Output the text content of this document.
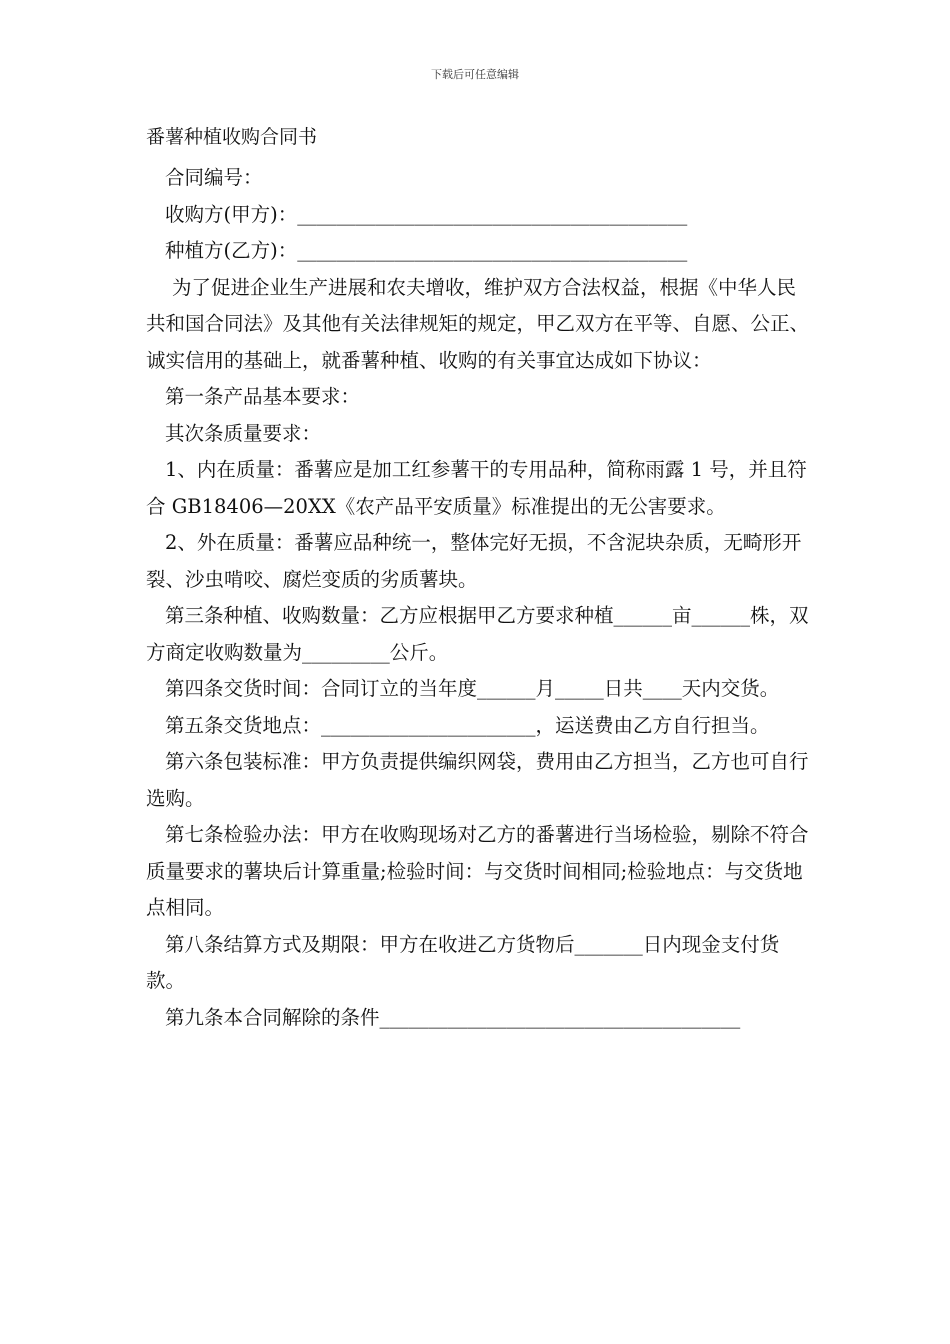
下载后可任意编辑
番薯种植收购合同书

合同编号：

收购方(甲方)：________________________________________

种植方(乙方)：________________________________________

为了促进企业生产进展和农夫增收，维护双方合法权益，根据《中华人民共和国合同法》及其他有关法律规矩的规定，甲乙双方在平等、自愿、公正、诚实信用的基础上，就番薯种植、收购的有关事宜达成如下协议：

第一条产品基本要求：

其次条质量要求：

1、内在质量：番薯应是加工红参薯干的专用品种，简称雨露 1 号，并且符合 GB18406—20XX《农产品平安质量》标准提出的无公害要求。

2、外在质量：番薯应品种统一，整体完好无损，不含泥块杂质，无畸形开裂、沙虫啃咬、腐烂变质的劣质薯块。

第三条种植、收购数量：乙方应根据甲乙方要求种植______亩______株，双方商定收购数量为_________公斤。

第四条交货时间：合同订立的当年度______月_____日共____天内交货。

第五条交货地点：______________________，运送费由乙方自行担当。

第六条包装标准：甲方负责提供编织网袋，费用由乙方担当，乙方也可自行选购。

第七条检验办法：甲方在收购现场对乙方的番薯进行当场检验，剔除不符合质量要求的薯块后计算重量;检验时间：与交货时间相同;检验地点：与交货地点相同。

第八条结算方式及期限：甲方在收进乙方货物后_______日内现金支付货款。

第九条本合同解除的条件_____________________________________
